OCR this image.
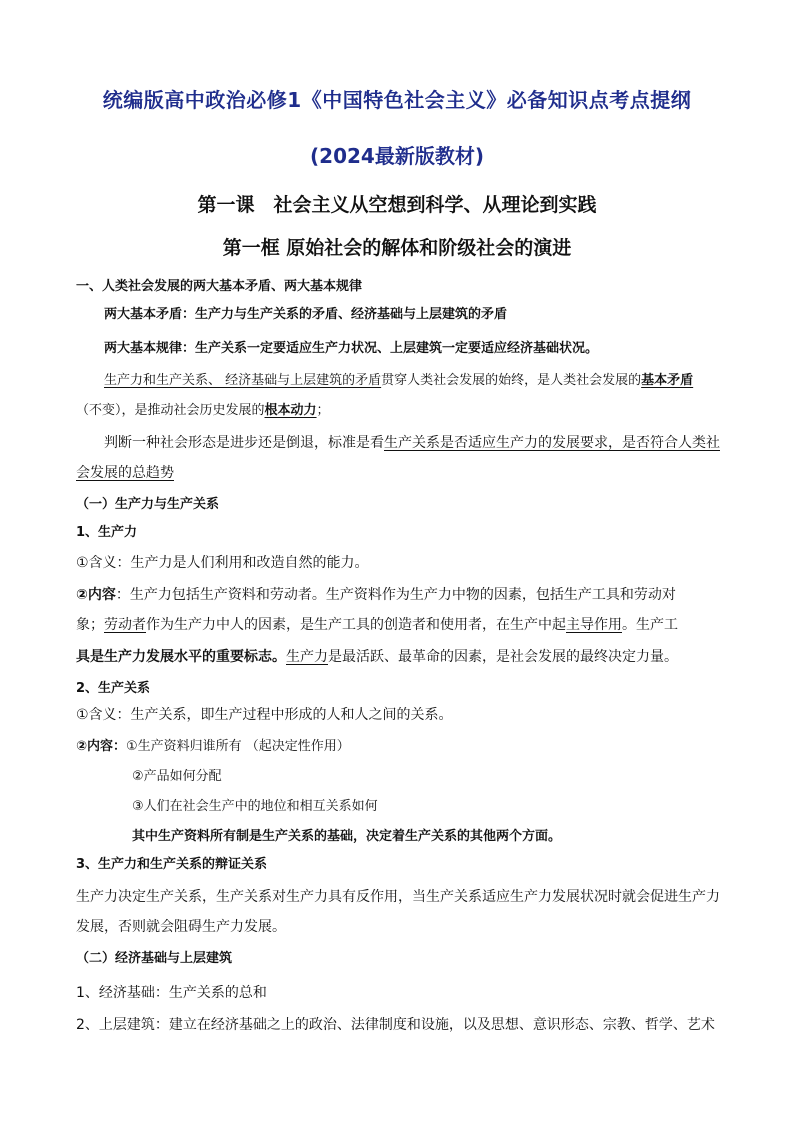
统编版高中政治必修1《中国特色社会主义》必备知识点考点提纲
(2024最新版教材)
第一课　社会主义从空想到科学、从理论到实践
第一框 原始社会的解体和阶级社会的演进
一、人类社会发展的两大基本矛盾、两大基本规律
两大基本矛盾：生产力与生产关系的矛盾、经济基础与上层建筑的矛盾
两大基本规律：生产关系一定要适应生产力状况、上层建筑一定要适应经济基础状况。
生产力和生产关系、 经济基础与上层建筑的矛盾贯穿人类社会发展的始终，是人类社会发展的基本矛盾
（不变），是推动社会历史发展的根本动力；
判断一种社会形态是进步还是倒退，标准是看生产关系是否适应生产力的发展要求，是否符合人类社
会发展的总趋势
（一）生产力与生产关系
1、生产力
①含义：生产力是人们利用和改造自然的能力。
②内容：生产力包括生产资料和劳动者。生产资料作为生产力中物的因素，包括生产工具和劳动对
象；劳动者作为生产力中人的因素，是生产工具的创造者和使用者，在生产中起主导作用。生产工
具是生产力发展水平的重要标志。生产力是最活跃、最革命的因素，是社会发展的最终决定力量。
2、生产关系
①含义：生产关系，即生产过程中形成的人和人之间的关系。
②内容：①生产资料归谁所有 （起决定性作用）
②产品如何分配
③人们在社会生产中的地位和相互关系如何
其中生产资料所有制是生产关系的基础，决定着生产关系的其他两个方面。
3、生产力和生产关系的辩证关系
生产力决定生产关系，生产关系对生产力具有反作用，当生产关系适应生产力发展状况时就会促进生产力
发展，否则就会阻碍生产力发展。
（二）经济基础与上层建筑
1、经济基础：生产关系的总和
2、上层建筑：建立在经济基础之上的政治、法律制度和设施，以及思想、意识形态、宗教、哲学、艺术
